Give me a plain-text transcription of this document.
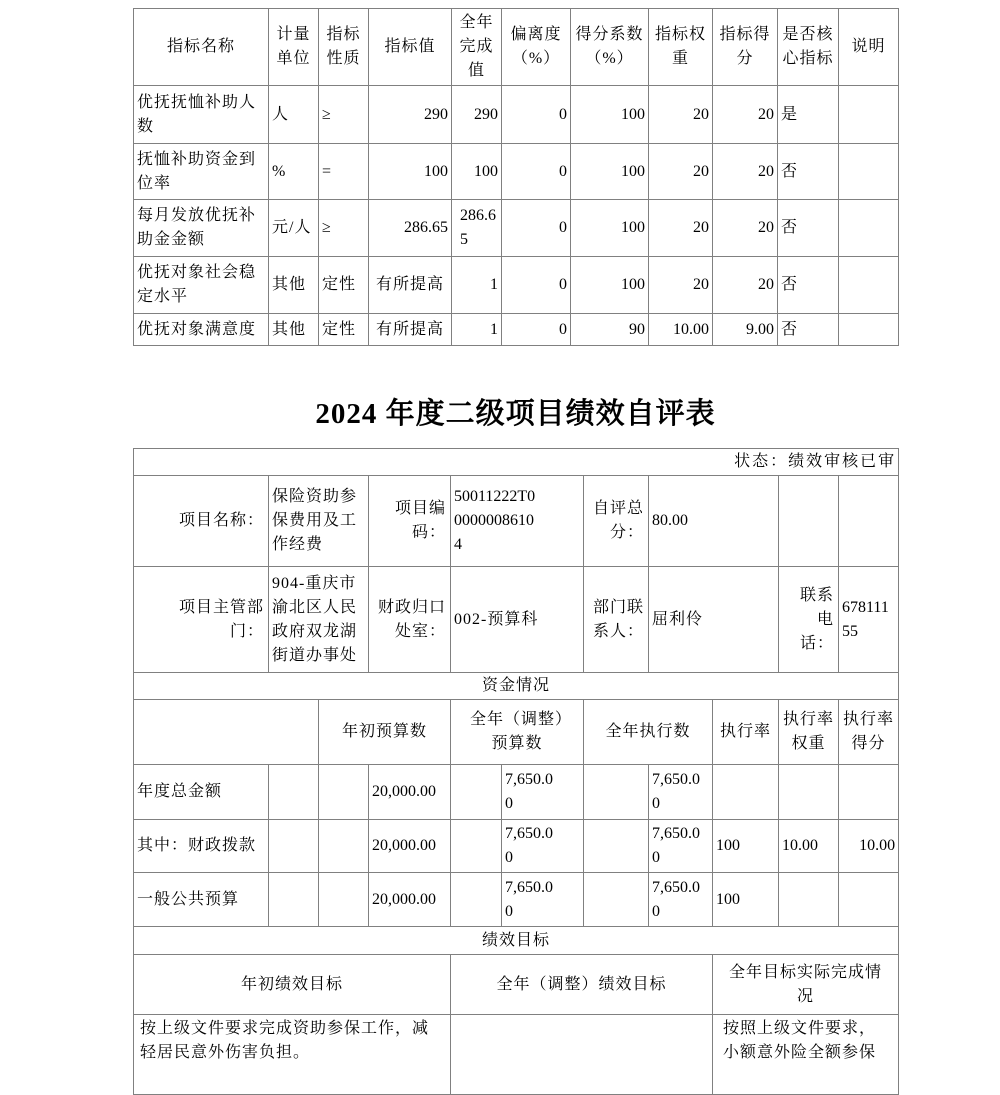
指标名称	计量单位	指标性质	指标值	全年完成值	偏离度（%）	得分系数（%）	指标权重	指标得分	是否核心指标	说明
优抚抚恤补助人数	人	≥	290	290	0	100	20	20	是	
抚恤补助资金到位率	%	=	100	100	0	100	20	20	否	
每月发放优抚补助金金额	元/人	≥	286.65	286.65	0	100	20	20	否	
优抚对象社会稳定水平	其他	定性	有所提高	1	0	100	20	20	否	
优抚对象满意度	其他	定性	有所提高	1	0	90	10.00	9.00	否	
2024 年度二级项目绩效自评表
状态：绩效审核已审										
项目名称：	保险资助参保费用及工作经费		项目编码：	50011222T000000086104		自评总分：	80.00			
项目主管部门：	904-重庆市渝北区人民政府双龙湖街道办事处		财政归口处室：	002-预算科		部门联系人：	屈利伶		联系电话：	67811155
资金情况										
		年初预算数		全年（调整）预算数		全年执行数		执行率	执行率权重	执行率得分
年度总金额			20,000.00		7,650.00		7,650.00			
其中：财政拨款			20,000.00		7,650.00		7,650.00	100	10.00	10.00
一般公共预算			20,000.00		7,650.00		7,650.00	100		
绩效目标										
年初绩效目标				全年（调整）绩效目标				全年目标实际完成情况		
按上级文件要求完成资助参保工作，减轻居民意外伤害负担。								按照上级文件要求，小额意外险全额参保		
